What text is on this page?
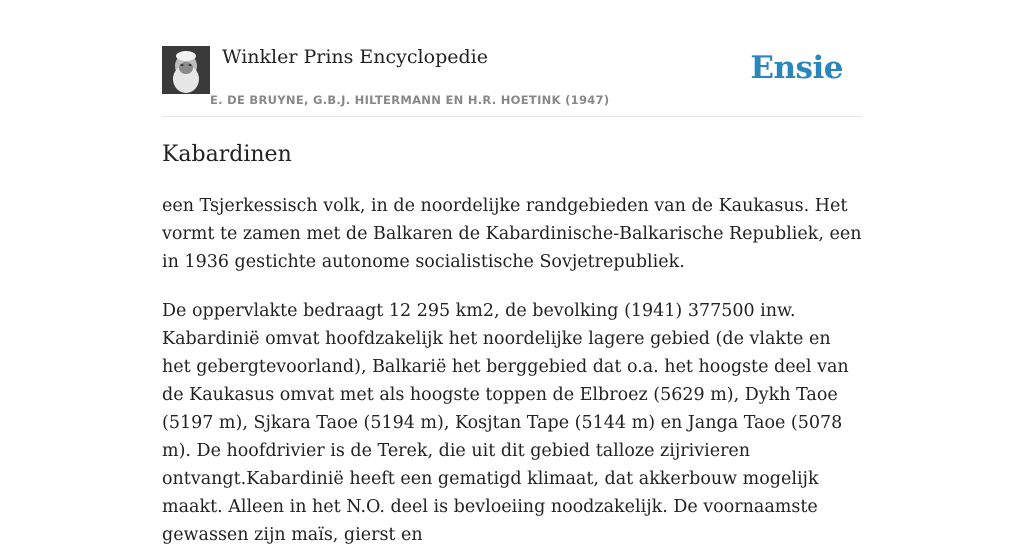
Winkler Prins Encyclopedie
E. DE BRUYNE, G.B.J. HILTERMANN EN H.R. HOETINK (1947)
Ensie
Kabardinen

een Tsjerkessisch volk, in de noordelijke randgebieden van de Kaukasus. Het vormt te zamen met de Balkaren de Kabardinische-Balkarische Republiek, een in 1936 gestichte autonome socialistische Sovjetrepubliek.

De oppervlakte bedraagt 12 295 km2, de bevolking (1941) 377500 inw. Kabardinië omvat hoofdzakelijk het noordelijke lagere gebied (de vlakte en het gebergtevoorland), Balkarië het berggebied dat o.a. het hoogste deel van de Kaukasus omvat met als hoogste toppen de Elbroez (5629 m), Dykh Taoe (5197 m), Sjkara Taoe (5194 m), Kosjtan Tape (5144 m) en Janga Taoe (5078 m). De hoofdrivier is de Terek, die uit dit gebied talloze zijrivieren ontvangt.Kabardinië heeft een gematigd klimaat, dat akkerbouw mogelijk maakt. Alleen in het N.O. deel is bevloeiing noodzakelijk. De voornaamste gewassen zijn maïs, gierst en
